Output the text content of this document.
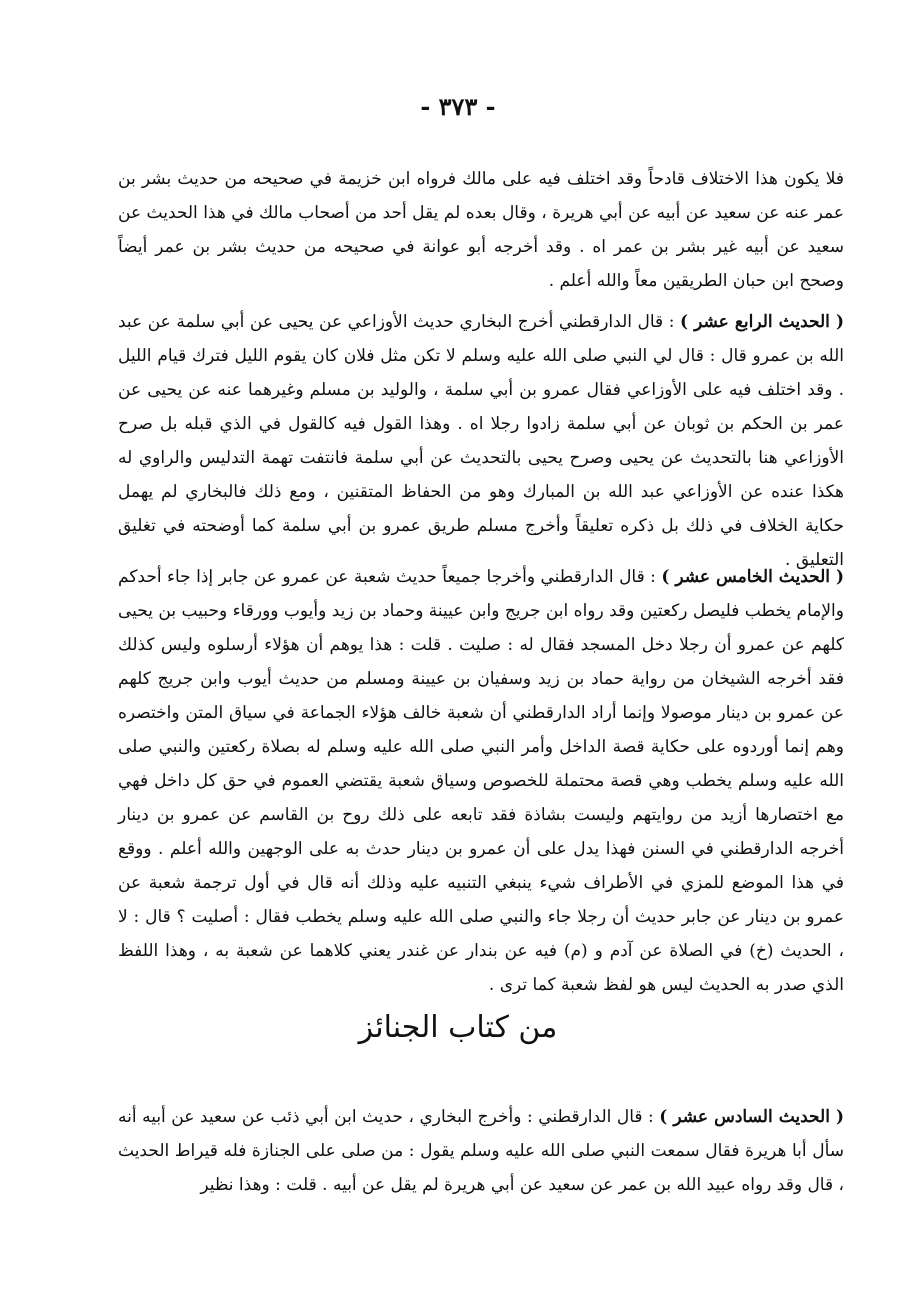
- ٣٧٣ -

فلا يكون هذا الاختلاف قادحاً وقد اختلف فيه على مالك فرواه ابن خزيمة في صحيحه من حديث بشر بن عمر عنه عن سعيد عن أبيه عن أبي هريرة ، وقال بعده لم يقل أحد من أصحاب مالك في هذا الحديث عن سعيد عن أبيه غير بشر بن عمر اه . وقد أخرجه أبو عوانة في صحيحه من حديث بشر بن عمر أيضاً وصحح ابن حبان الطريقين معاً والله أعلم .

( الحديث الرابع عشر ) : قال الدارقطني أخرج البخاري حديث الأوزاعي عن يحيى عن أبي سلمة عن عبد الله بن عمرو قال : قال لي النبي صلى الله عليه وسلم لا تكن مثل فلان كان يقوم الليل فترك قيام الليل . وقد اختلف فيه على الأوزاعي فقال عمرو بن أبي سلمة ، والوليد بن مسلم وغيرهما عنه عن يحيى عن عمر بن الحكم بن ثوبان عن أبي سلمة زادوا رجلا اه . وهذا القول فيه كالقول في الذي قبله بل صرح الأوزاعي هنا بالتحديث عن يحيى وصرح يحيى بالتحديث عن أبي سلمة فانتفت تهمة التدليس والراوي له هكذا عنده عن الأوزاعي عبد الله بن المبارك وهو من الحفاظ المتقنين ، ومع ذلك فالبخاري لم يهمل حكاية الخلاف في ذلك بل ذكره تعليقاً وأخرج مسلم طريق عمرو بن أبي سلمة كما أوضحته في تغليق التعليق .

( الحديث الخامس عشر ) : قال الدارقطني وأخرجا جميعاً حديث شعبة عن عمرو عن جابر إذا جاء أحدكم والإمام يخطب فليصل ركعتين وقد رواه ابن جريج وابن عيينة وحماد بن زيد وأيوب وورقاء وحبيب بن يحيى كلهم عن عمرو أن رجلا دخل المسجد فقال له : صليت . قلت : هذا يوهم أن هؤلاء أرسلوه وليس كذلك فقد أخرجه الشيخان من رواية حماد بن زيد وسفيان بن عيينة ومسلم من حديث أيوب وابن جريج كلهم عن عمرو بن دينار موصولا وإنما أراد الدارقطني أن شعبة خالف هؤلاء الجماعة في سياق المتن واختصره وهم إنما أوردوه على حكاية قصة الداخل وأمر النبي صلى الله عليه وسلم له بصلاة ركعتين والنبي صلى الله عليه وسلم يخطب وهي قصة محتملة للخصوص وسياق شعبة يقتضي العموم في حق كل داخل فهي مع اختصارها أزيد من روايتهم وليست بشاذة فقد تابعه على ذلك روح بن القاسم عن عمرو بن دينار أخرجه الدارقطني في السنن فهذا يدل على أن عمرو بن دينار حدث به على الوجهين والله أعلم . ووقع في هذا الموضع للمزي في الأطراف شيء ينبغي التنبيه عليه وذلك أنه قال في أول ترجمة شعبة عن عمرو بن دينار عن جابر حديث أن رجلا جاء والنبي صلى الله عليه وسلم يخطب فقال : أصليت ؟ قال : لا ، الحديث (خ) في الصلاة عن آدم و (م) فيه عن بندار عن غندر يعني كلاهما عن شعبة به ، وهذا اللفظ الذي صدر به الحديث ليس هو لفظ شعبة كما ترى .

من كتاب الجنائز

( الحديث السادس عشر ) : قال الدارقطني : وأخرج البخاري ، حديث ابن أبي ذئب عن سعيد عن أبيه أنه سأل أبا هريرة فقال سمعت النبي صلى الله عليه وسلم يقول : من صلى على الجنازة فله قيراط الحديث ، قال وقد رواه عبيد الله بن عمر عن سعيد عن أبي هريرة لم يقل عن أبيه . قلت : وهذا نظير
